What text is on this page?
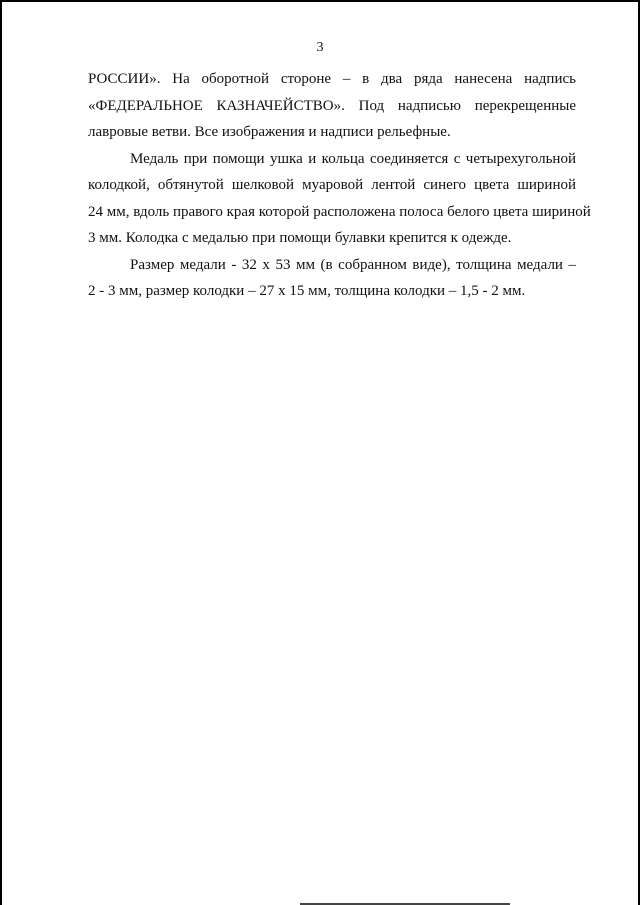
3

РОССИИ». На оборотной стороне – в два ряда нанесена надпись
«ФЕДЕРАЛЬНОЕ КАЗНАЧЕЙСТВО». Под надписью перекрещенные
лавровые ветви. Все изображения и надписи рельефные.

Медаль при помощи ушка и кольца соединяется с четырехугольной
колодкой, обтянутой шелковой муаровой лентой синего цвета шириной
24 мм, вдоль правого края которой расположена полоса белого цвета шириной
3 мм. Колодка с медалью при помощи булавки крепится к одежде.

Размер медали - 32 х 53 мм (в собранном виде), толщина медали –
2 - 3 мм, размер колодки – 27 х 15 мм, толщина колодки – 1,5 - 2 мм.
